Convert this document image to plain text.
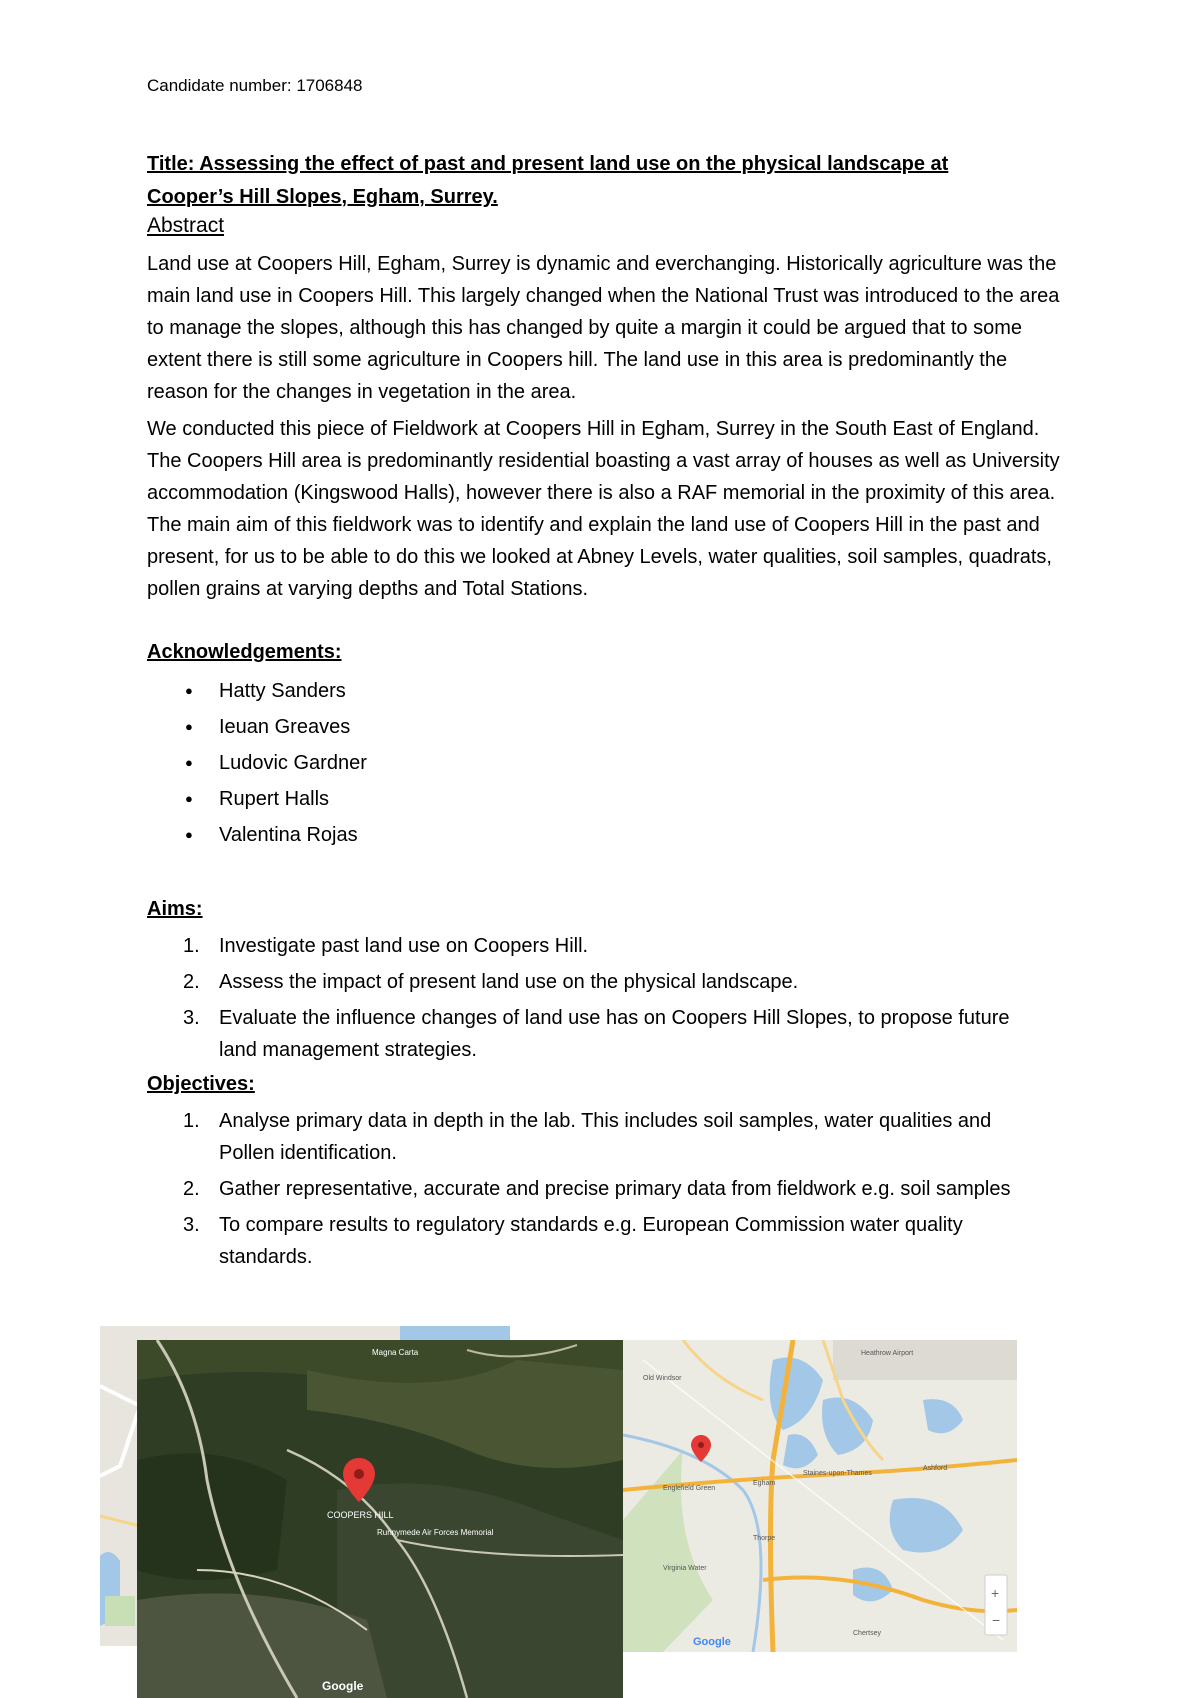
Candidate number: 1706848
Title: Assessing the effect of past and present land use on the physical landscape at Cooper’s Hill Slopes, Egham, Surrey.
Abstract

Land use at Coopers Hill, Egham, Surrey is dynamic and everchanging. Historically agriculture was the main land use in Coopers Hill. This largely changed when the National Trust was introduced to the area to manage the slopes, although this has changed by quite a margin it could be argued that to some extent there is still some agriculture in Coopers hill. The land use in this area is predominantly the reason for the changes in vegetation in the area.

We conducted this piece of Fieldwork at Coopers Hill in Egham, Surrey in the South East of England. The Coopers Hill area is predominantly residential boasting a vast array of houses as well as University accommodation (Kingswood Halls), however there is also a RAF memorial in the proximity of this area. The main aim of this fieldwork was to identify and explain the land use of Coopers Hill in the past and present, for us to be able to do this we looked at Abney Levels, water qualities, soil samples, quadrats, pollen grains at varying depths and Total Stations.

Acknowledgements:
● Hatty Sanders
● Ieuan Greaves
● Ludovic Gardner
● Rupert Halls
● Valentina Rojas
Aims:
1. Investigate past land use on Coopers Hill.
2. Assess the impact of present land use on the physical landscape.
3. Evaluate the influence changes of land use has on Coopers Hill Slopes, to propose future land management strategies.
Objectives:
1. Analyse primary data in depth in the lab. This includes soil samples, water qualities and Pollen identification.
2. Gather representative, accurate and precise primary data from fieldwork e.g. soil samples
3. To compare results to regulatory standards e.g. European Commission water quality standards.
COOPERS HILL
Runnymede Air Forces Memorial
Magna Carta
Google
Heathrow Airport
Staines-upon-Thames
Egham
Old Windsor
Englefield Green
Virginia Water
Thorpe
Ashford
Chertsey
Google
+
−
